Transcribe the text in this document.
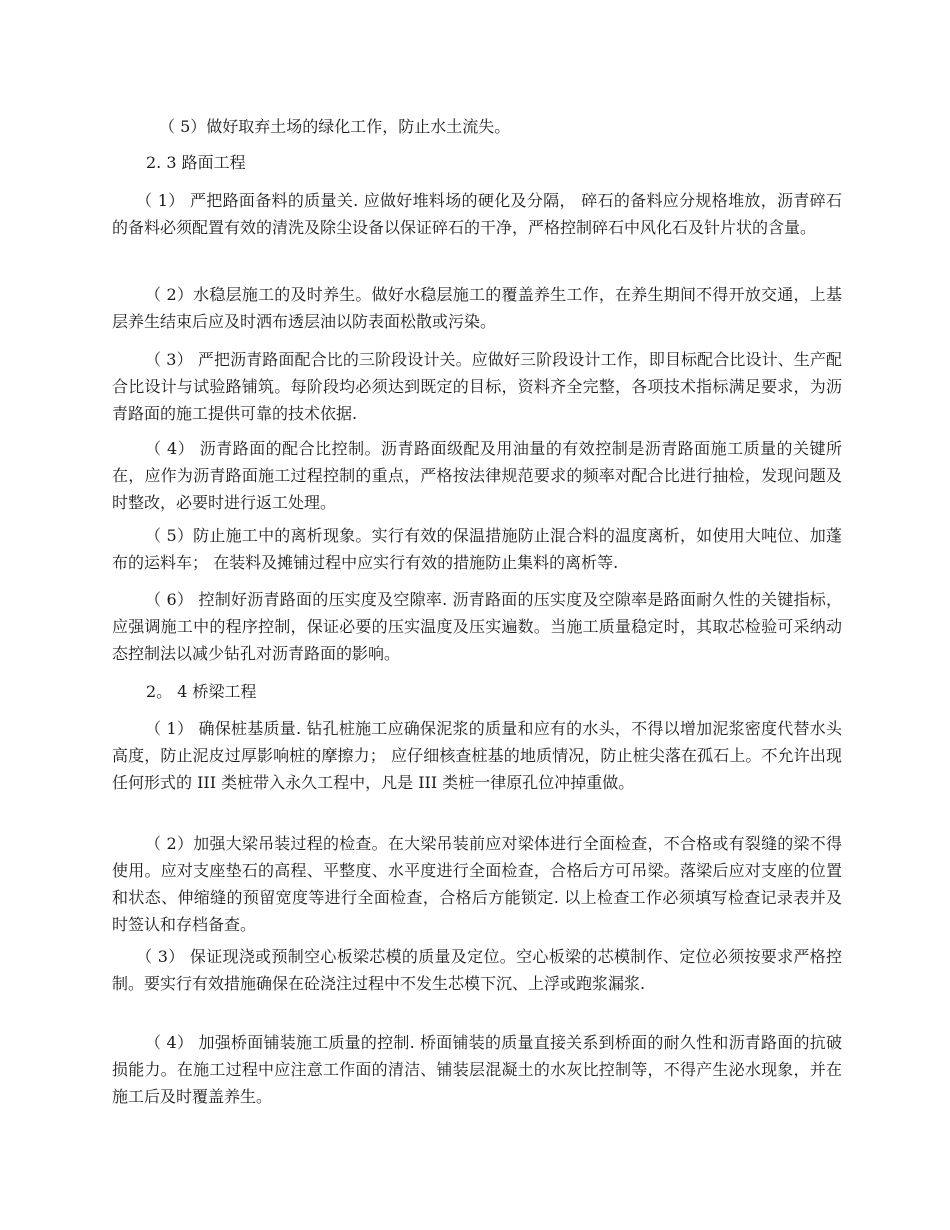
（ 5）做好取弃土场的绿化工作，防止水土流失。

2. 3 路面工程

（ 1） 严把路面备料的质量关. 应做好堆料场的硬化及分隔， 碎石的备料应分规格堆放，沥青碎石的备料必须配置有效的清洗及除尘设备以保证碎石的干净，严格控制碎石中风化石及针片状的含量。

（ 2）水稳层施工的及时养生。做好水稳层施工的覆盖养生工作，在养生期间不得开放交通，上基层养生结束后应及时洒布透层油以防表面松散或污染。

（ 3） 严把沥青路面配合比的三阶段设计关。应做好三阶段设计工作，即目标配合比设计、生产配合比设计与试验路铺筑。每阶段均必须达到既定的目标，资料齐全完整，各项技术指标满足要求，为沥青路面的施工提供可靠的技术依据.

（ 4） 沥青路面的配合比控制。沥青路面级配及用油量的有效控制是沥青路面施工质量的关键所在，应作为沥青路面施工过程控制的重点，严格按法律规范要求的频率对配合比进行抽检，发现问题及时整改，必要时进行返工处理。

（ 5）防止施工中的离析现象。实行有效的保温措施防止混合料的温度离析，如使用大吨位、加蓬布的运料车； 在装料及摊铺过程中应实行有效的措施防止集料的离析等.

（ 6） 控制好沥青路面的压实度及空隙率. 沥青路面的压实度及空隙率是路面耐久性的关键指标，应强调施工中的程序控制，保证必要的压实温度及压实遍数。当施工质量稳定时，其取芯检验可采纳动态控制法以减少钻孔对沥青路面的影响。

2。 4 桥梁工程

（ 1） 确保桩基质量. 钻孔桩施工应确保泥浆的质量和应有的水头，不得以增加泥浆密度代替水头高度，防止泥皮过厚影响桩的摩擦力； 应仔细核查桩基的地质情况，防止桩尖落在孤石上。不允许出现任何形式的 III 类桩带入永久工程中，凡是 III 类桩一律原孔位冲掉重做。

（ 2）加强大梁吊装过程的检查。在大梁吊装前应对梁体进行全面检查，不合格或有裂缝的梁不得使用。应对支座垫石的高程、平整度、水平度进行全面检查，合格后方可吊梁。落梁后应对支座的位置和状态、伸缩缝的预留宽度等进行全面检查，合格后方能锁定. 以上检查工作必须填写检查记录表并及时签认和存档备查。

（ 3） 保证现浇或预制空心板梁芯模的质量及定位。空心板梁的芯模制作、定位必须按要求严格控制。要实行有效措施确保在砼浇注过程中不发生芯模下沉、上浮或跑浆漏浆.

（ 4） 加强桥面铺装施工质量的控制. 桥面铺装的质量直接关系到桥面的耐久性和沥青路面的抗破损能力。在施工过程中应注意工作面的清洁、铺装层混凝土的水灰比控制等，不得产生泌水现象，并在施工后及时覆盖养生。
